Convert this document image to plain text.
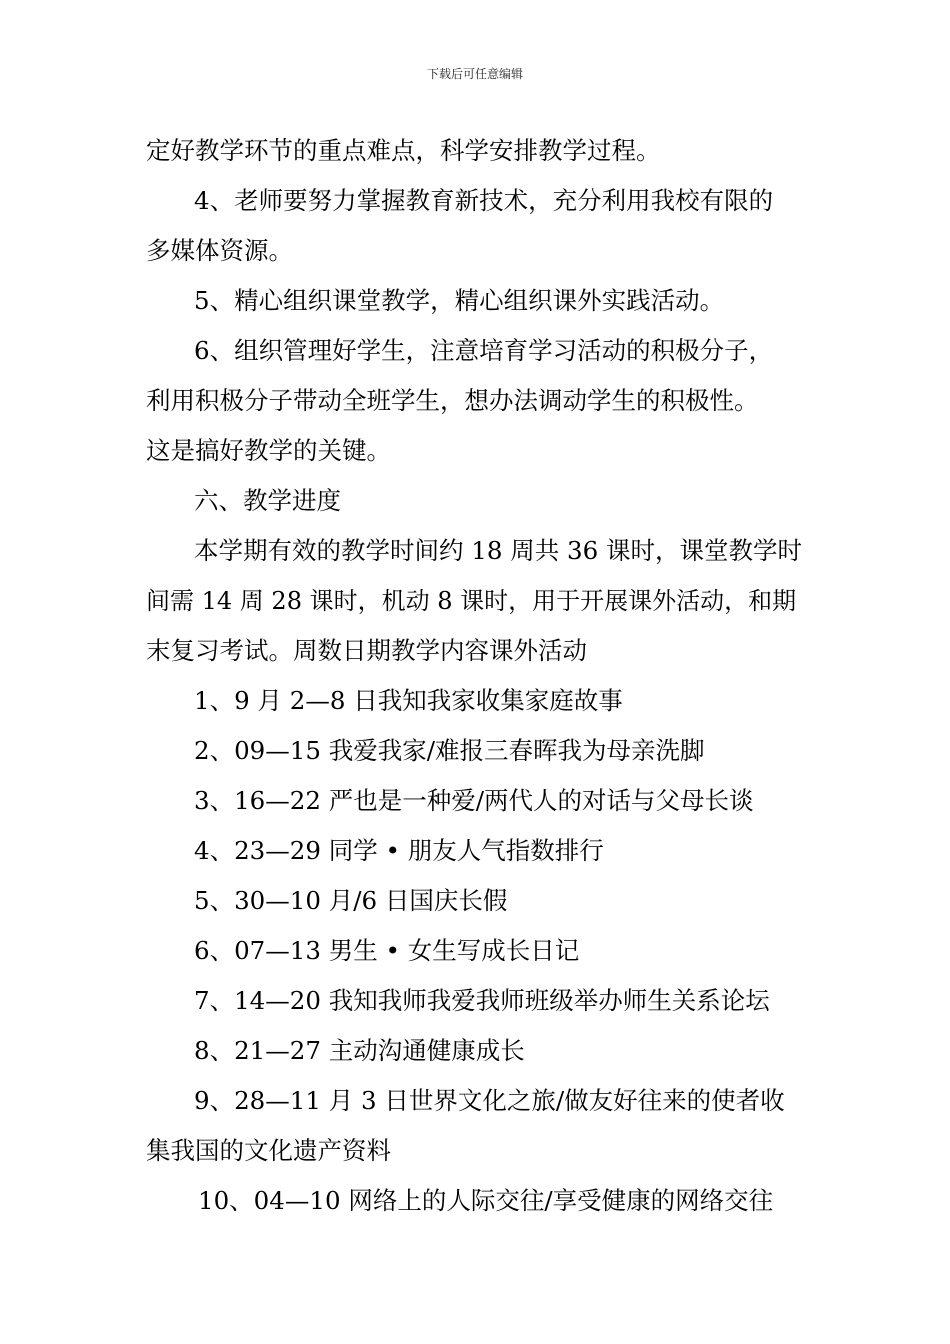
下载后可任意编辑
定好教学环节的重点难点，科学安排教学过程。
4、老师要努力掌握教育新技术，充分利用我校有限的
多媒体资源。
5、精心组织课堂教学，精心组织课外实践活动。
6、组织管理好学生，注意培育学习活动的积极分子，
利用积极分子带动全班学生，想办法调动学生的积极性。
这是搞好教学的关键。
六、教学进度
本学期有效的教学时间约 18 周共 36 课时，课堂教学时
间需 14 周 28 课时，机动 8 课时，用于开展课外活动，和期
末复习考试。周数日期教学内容课外活动
1、9 月 2—8 日我知我家收集家庭故事
2、09—15 我爱我家/难报三春晖我为母亲洗脚
3、16—22 严也是一种爱/两代人的对话与父母长谈
4、23—29 同学 • 朋友人气指数排行
5、30—10 月/6 日国庆长假
6、07—13 男生 • 女生写成长日记
7、14—20 我知我师我爱我师班级举办师生关系论坛
8、21—27 主动沟通健康成长
9、28—11 月 3 日世界文化之旅/做友好往来的使者收
集我国的文化遗产资料
10、04—10 网络上的人际交往/享受健康的网络交往
